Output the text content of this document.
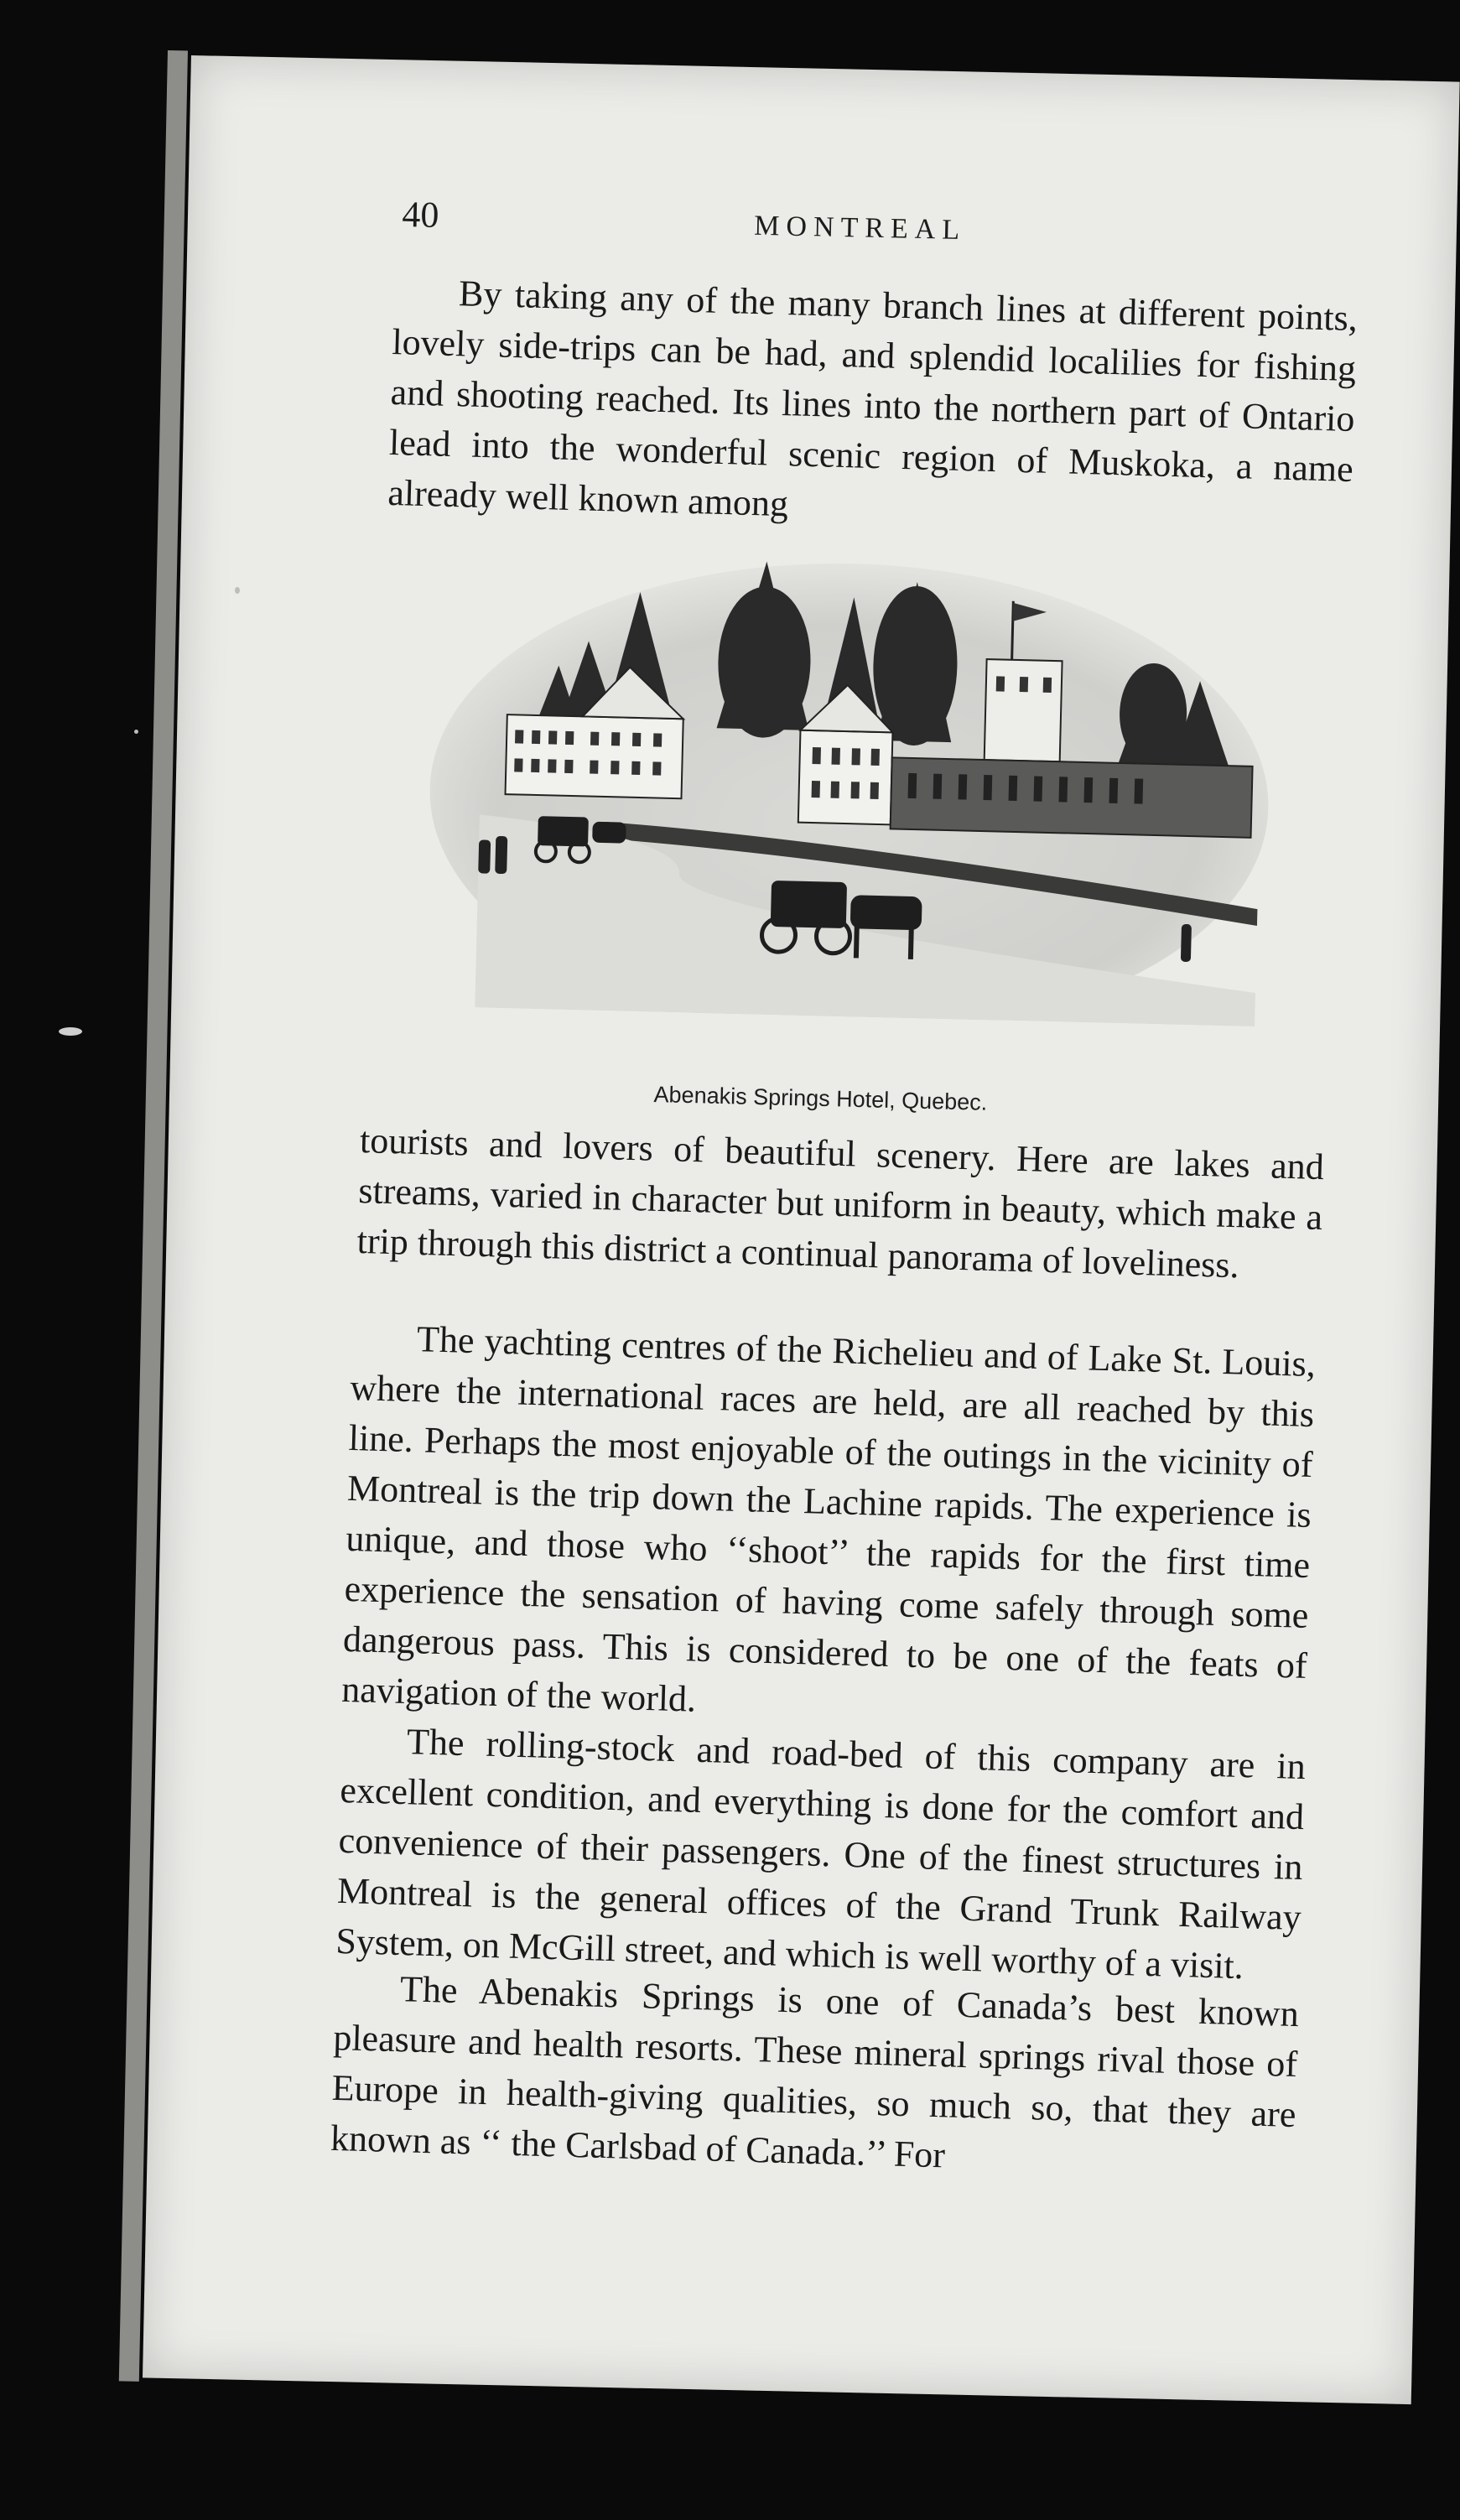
40	MONTREAL

By taking any of the many branch lines at different points, lovely side-trips can be had, and splendid localilies for fishing and shooting reached. Its lines into the northern part of Ontario lead into the wonderful scenic region of Muskoka, a name already well known among

Abenakis Springs Hotel, Quebec.

tourists and lovers of beautiful scenery. Here are lakes and streams, varied in character but uniform in beauty, which make a trip through this district a continual panorama of loveliness.

The yachting centres of the Richelieu and of Lake St. Louis, where the international races are held, are all reached by this line. Perhaps the most enjoyable of the outings in the vicinity of Montreal is the trip down the Lachine rapids. The experience is unique, and those who ‘‘shoot’’ the rapids for the first time experience the sensation of having come safely through some dangerous pass. This is considered to be one of the feats of navigation of the world.

The rolling-stock and road-bed of this company are in excellent condition, and everything is done for the comfort and convenience of their passengers. One of the finest structures in Montreal is the general offices of the Grand Trunk Railway System, on McGill street, and which is well worthy of a visit.

The Abenakis Springs is one of Canada’s best known pleasure and health resorts. These mineral springs rival those of Europe in health-giving qualities, so much so, that they are known as ‘‘ the Carlsbad of Canada.’’ For
